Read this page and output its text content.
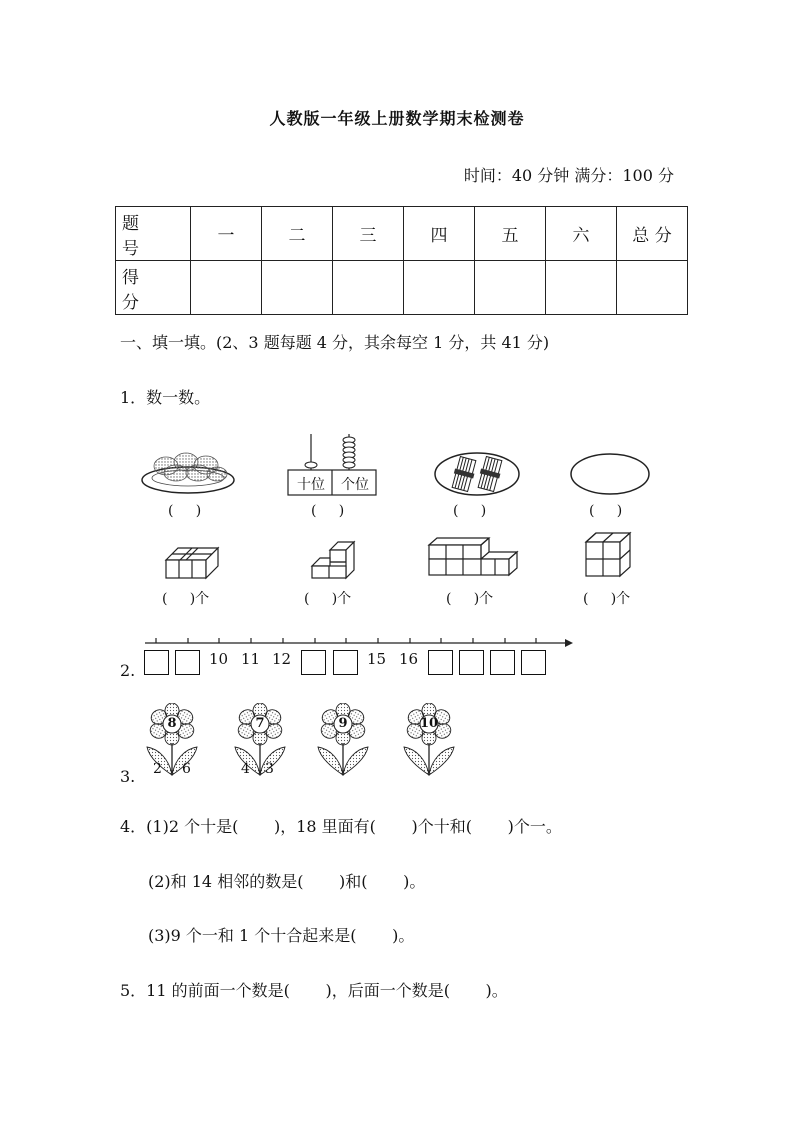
人教版一年级上册数学期末检测卷
时间：40 分钟 满分：100 分
题 号	一	二	三	四	五	六	总 分
得 分							
一、填一填。(2、3 题每题 4 分，其余每空 1 分，共 41 分)
1．数一数。
十位	个位
(     )	(     )	(     )	(     )
(     )个	(     )个	(     )个	(     )个
2.
10 11 12	15 16
3.
8
2 6
7
4 3
9	10
4．(1)2 个十是(       )，18 里面有(       )个十和(       )个一。
(2)和 14 相邻的数是(       )和(       )。
(3)9 个一和 1 个十合起来是(       )。
5．11 的前面一个数是(       )，后面一个数是(       )。
